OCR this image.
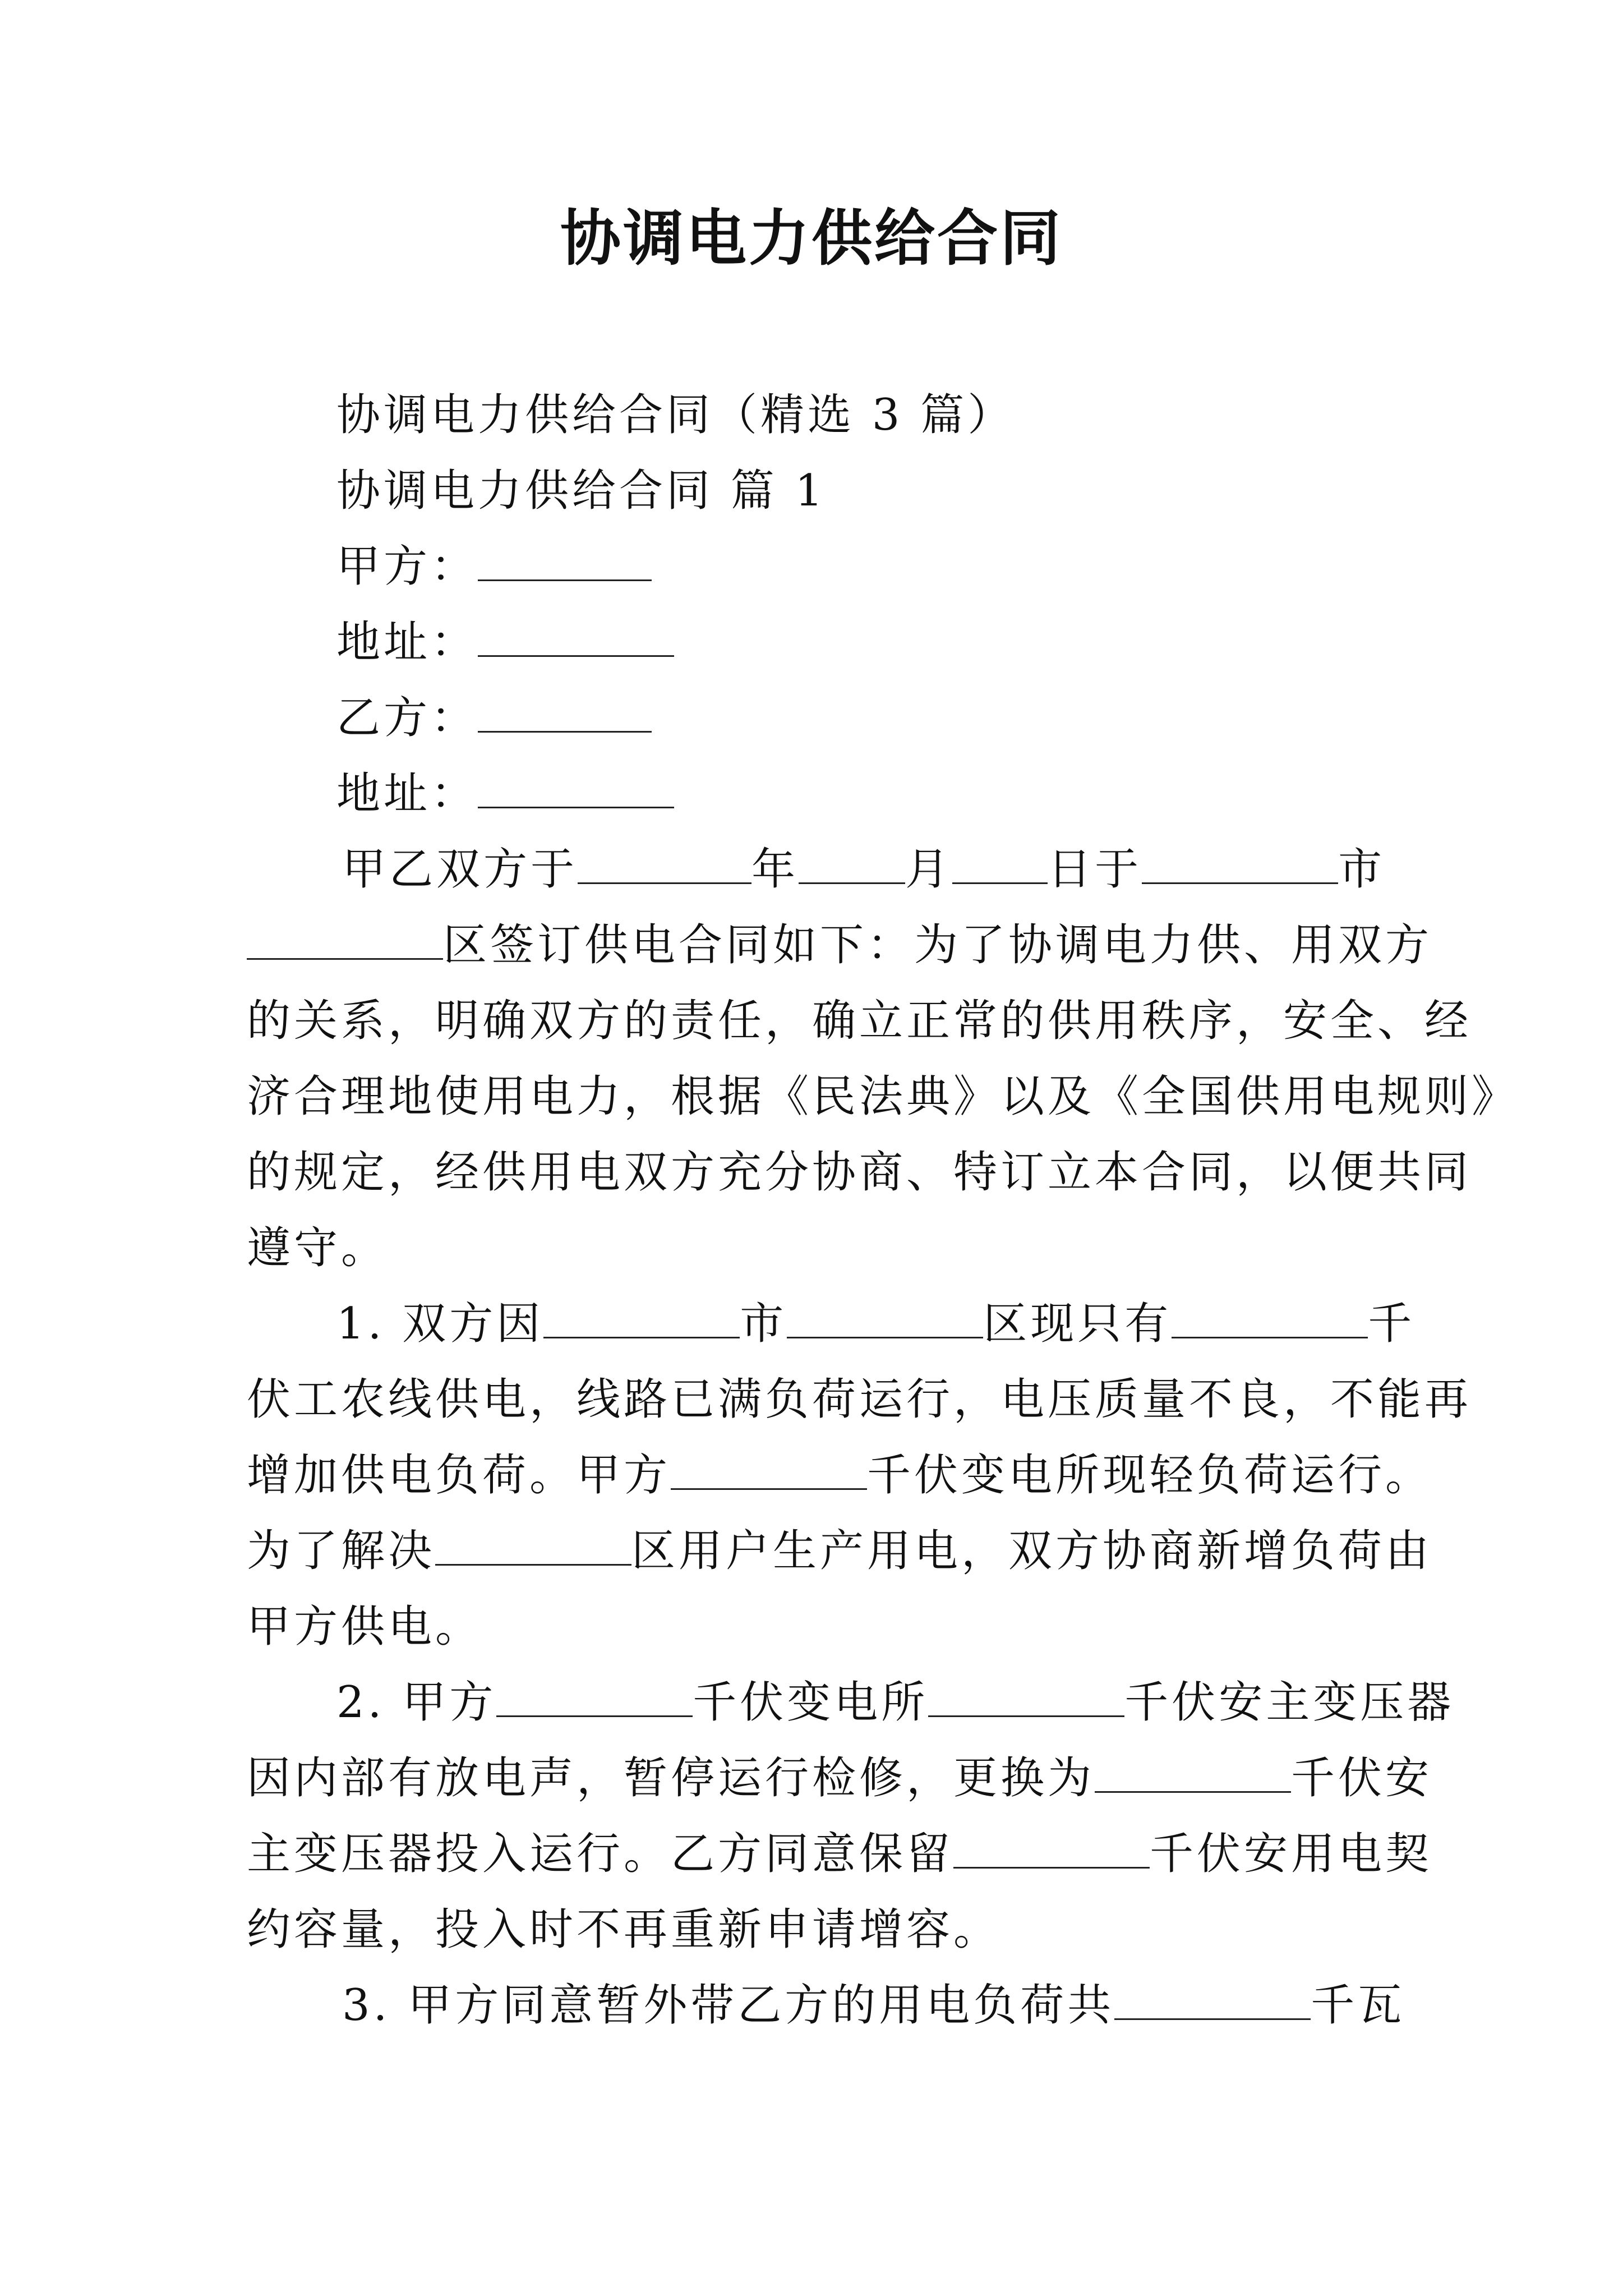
协调电力供给合同
协调电力供给合同（精选 3 篇）
协调电力供给合同 篇 1
甲方：
地址：
乙方：
地址：
甲乙双方于	年 月 日于	市
区签订供电合同如下：为了协调电力供、用双方
的关系，明确双方的责任，确立正常的供用秩序，安全、经
济合理地使用电力，根据《民法典》以及《全国供用电规则》
的规定，经供用电双方充分协商、特订立本合同，以便共同
遵守。
1. 双方因	市	区现只有	千
伏工农线供电，线路已满负荷运行，电压质量不良，不能再
增加供电负荷。甲方	千伏变电所现轻负荷运行。
为了解决	区用户生产用电，双方协商新增负荷由
甲方供电。
2. 甲方	千伏变电所	千伏安主变压器
因内部有放电声，暂停运行检修，更换为	千伏安
主变压器投入运行。乙方同意保留	千伏安用电契
约容量，投入时不再重新申请增容。
3. 甲方同意暂外带乙方的用电负荷共	千瓦
